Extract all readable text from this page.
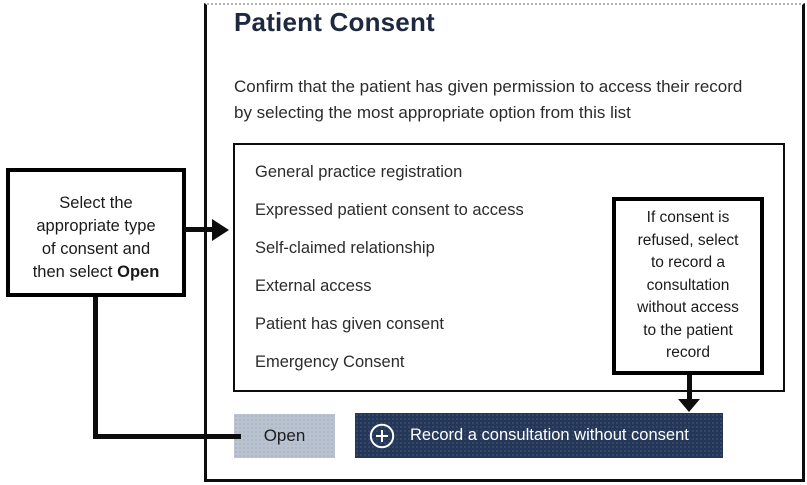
Patient Consent
Confirm that the patient has given permission to access their record
by selecting the most appropriate option from this list
General practice registration
Expressed patient consent to access
Self-claimed relationship
External access
Patient has given consent
Emergency Consent
If consent is
refused, select
to record a
consultation
without access
to the patient
record
Open	Record a consultation without consent
Select the
appropriate type
of consent and
then select Open
